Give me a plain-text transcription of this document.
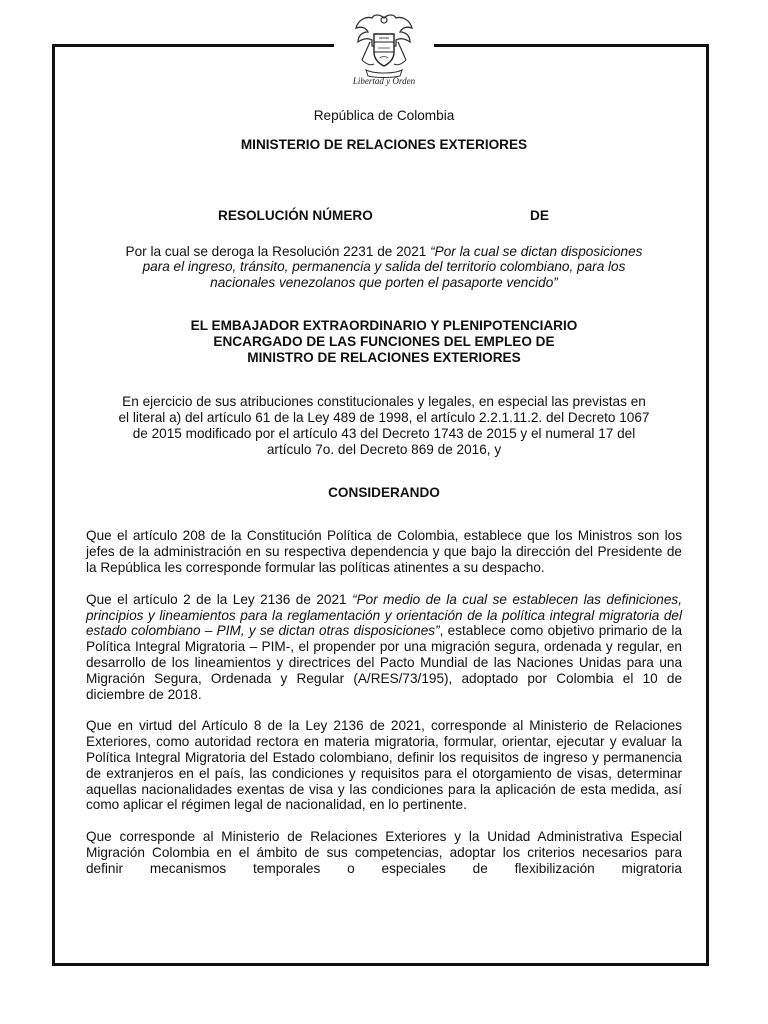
Libertad y Orden
República de Colombia
MINISTERIO DE RELACIONES EXTERIORES
RESOLUCIÓN NÚMERO	DE
Por la cual se deroga la Resolución 2231 de 2021 “Por la cual se dictan disposiciones
para el ingreso, tránsito, permanencia y salida del territorio colombiano, para los
nacionales venezolanos que porten el pasaporte vencido”
EL EMBAJADOR EXTRAORDINARIO Y PLENIPOTENCIARIO
ENCARGADO DE LAS FUNCIONES DEL EMPLEO DE
MINISTRO DE RELACIONES EXTERIORES
En ejercicio de sus atribuciones constitucionales y legales, en especial las previstas en
el literal a) del artículo 61 de la Ley 489 de 1998, el artículo 2.2.1.11.2. del Decreto 1067
de 2015 modificado por el artículo 43 del Decreto 1743 de 2015 y el numeral 17 del
artículo 7o. del Decreto 869 de 2016, y
CONSIDERANDO

Que el artículo 208 de la Constitución Política de Colombia, establece que los Ministros son los jefes de la administración en su respectiva dependencia y que bajo la dirección del Presidente de la República les corresponde formular las políticas atinentes a su despacho.

Que el artículo 2 de la Ley 2136 de 2021 “Por medio de la cual se establecen las definiciones, principios y lineamientos para la reglamentación y orientación de la política integral migratoria del estado colombiano – PIM, y se dictan otras disposiciones”, establece como objetivo primario de la Política Integral Migratoria – PIM-, el propender por una migración segura, ordenada y regular, en desarrollo de los lineamientos y directrices del Pacto Mundial de las Naciones Unidas para una Migración Segura, Ordenada y Regular (A/RES/73/195), adoptado por Colombia el 10 de diciembre de 2018.

Que en virtud del Artículo 8 de la Ley 2136 de 2021, corresponde al Ministerio de Relaciones Exteriores, como autoridad rectora en materia migratoria, formular, orientar, ejecutar y evaluar la Política Integral Migratoria del Estado colombiano, definir los requisitos de ingreso y permanencia de extranjeros en el país, las condiciones y requisitos para el otorgamiento de visas, determinar aquellas nacionalidades exentas de visa y las condiciones para la aplicación de esta medida, así como aplicar el régimen legal de nacionalidad, en lo pertinente.

Que corresponde al Ministerio de Relaciones Exteriores y la Unidad Administrativa Especial Migración Colombia en el ámbito de sus competencias, adoptar los criterios necesarios para definir mecanismos temporales o especiales de flexibilización migratoria
